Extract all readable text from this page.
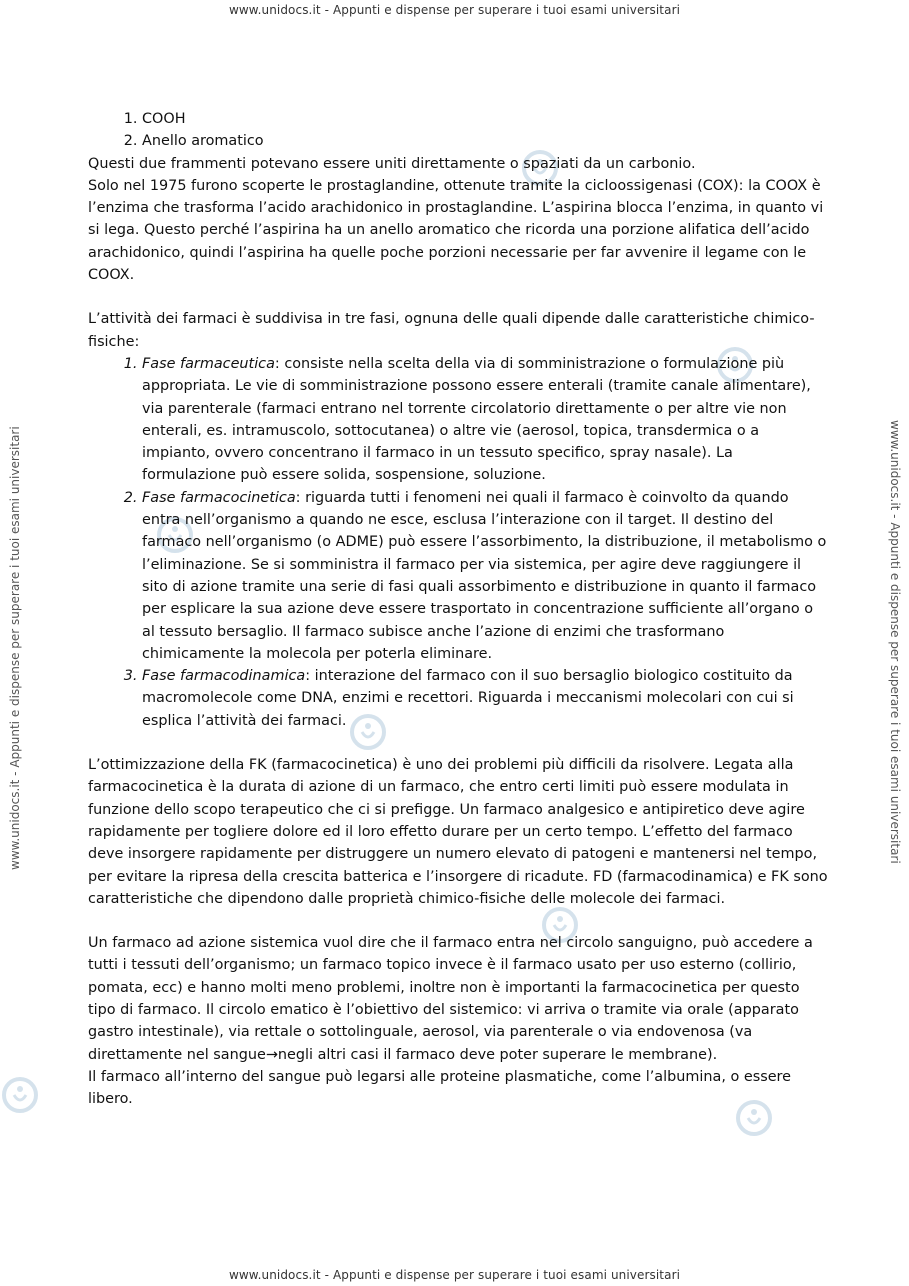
www.unidocs.it - Appunti e dispense per superare i tuoi esami universitari
www.unidocs.it - Appunti e dispense per superare i tuoi esami universitari	www.unidocs.it - Appunti e dispense per superare i tuoi esami universitari
1. COOH
2. Anello aromatico

Questi due frammenti potevano essere uniti direttamente o spaziati da un carbonio.

Solo nel 1975 furono scoperte le prostaglandine, ottenute tramite la cicloossigenasi (COX): la COOX è l’enzima che trasforma l’acido arachidonico in prostaglandine. L’aspirina blocca l’enzima, in quanto vi si lega. Questo perché l’aspirina ha un anello aromatico che ricorda una porzione alifatica dell’acido arachidonico, quindi l’aspirina ha quelle poche porzioni necessarie per far avvenire il legame con le COOX.

L’attività dei farmaci è suddivisa in tre fasi, ognuna delle quali dipende dalle caratteristiche chimico-fisiche:

1. Fase farmaceutica: consiste nella scelta della via di somministrazione o formulazione più appropriata. Le vie di somministrazione possono essere enterali (tramite canale alimentare), via parenterale (farmaci entrano nel torrente circolatorio direttamente o per altre vie non enterali, es. intramuscolo, sottocutanea) o altre vie (aerosol, topica, transdermica o a impianto, ovvero concentrano il farmaco in un tessuto specifico, spray nasale). La formulazione può essere solida, sospensione, soluzione.
2. Fase farmacocinetica: riguarda tutti i fenomeni nei quali il farmaco è coinvolto da quando entra nell’organismo a quando ne esce, esclusa l’interazione con il target. Il destino del farmaco nell’organismo (o ADME) può essere l’assorbimento, la distribuzione, il metabolismo o l’eliminazione. Se si somministra il farmaco per via sistemica, per agire deve raggiungere il sito di azione tramite una serie di fasi quali assorbimento e distribuzione in quanto il farmaco per esplicare la sua azione deve essere trasportato in concentrazione sufficiente all’organo o al tessuto bersaglio. Il farmaco subisce anche l’azione di enzimi che trasformano chimicamente la molecola per poterla eliminare.
3. Fase farmacodinamica: interazione del farmaco con il suo bersaglio biologico costituito da macromolecole come DNA, enzimi e recettori. Riguarda i meccanismi molecolari con cui si esplica l’attività dei farmaci.

L’ottimizzazione della FK (farmacocinetica) è uno dei problemi più difficili da risolvere. Legata alla farmacocinetica è la durata di azione di un farmaco, che entro certi limiti può essere modulata in funzione dello scopo terapeutico che ci si prefigge. Un farmaco analgesico e antipiretico deve agire rapidamente per togliere dolore ed il loro effetto durare per un certo tempo. L’effetto del farmaco deve insorgere rapidamente per distruggere un numero elevato di patogeni e mantenersi nel tempo, per evitare la ripresa della crescita batterica e l’insorgere di ricadute. FD (farmacodinamica) e FK sono caratteristiche che dipendono dalle proprietà chimico-fisiche delle molecole dei farmaci.

Un farmaco ad azione sistemica vuol dire che il farmaco entra nel circolo sanguigno, può accedere a tutti i tessuti dell’organismo; un farmaco topico invece è il farmaco usato per uso esterno (collirio, pomata, ecc) e hanno molti meno problemi, inoltre non è importanti la farmacocinetica per questo tipo di farmaco. Il circolo ematico è l’obiettivo del sistemico: vi arriva o tramite via orale (apparato gastro intestinale), via rettale o sottolinguale, aerosol, via parenterale o via endovenosa (va direttamente nel sangue→negli altri casi il farmaco deve poter superare le membrane).

Il farmaco all’interno del sangue può legarsi alle proteine plasmatiche, come l’albumina, o essere libero.

www.unidocs.it - Appunti e dispense per superare i tuoi esami universitari
